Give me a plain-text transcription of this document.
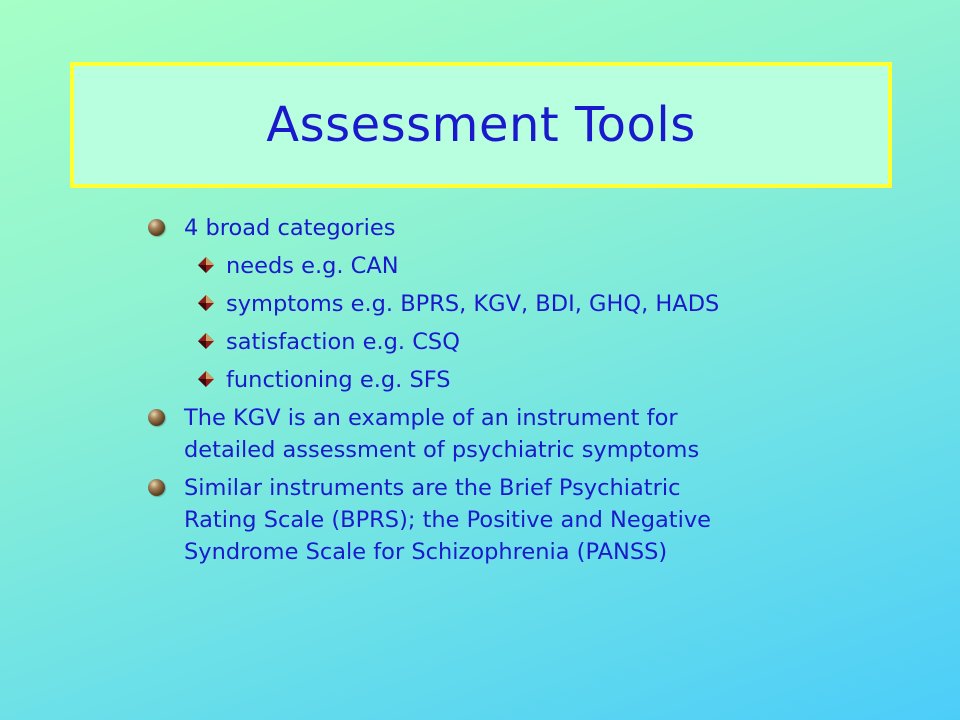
Assessment Tools
4 broad categories
needs e.g. CAN
symptoms e.g. BPRS, KGV, BDI, GHQ, HADS
satisfaction e.g. CSQ
functioning e.g. SFS
The KGV is an example of an instrument for
detailed assessment of psychiatric symptoms
Similar instruments are the Brief Psychiatric
Rating Scale (BPRS); the Positive and Negative
Syndrome Scale for Schizophrenia (PANSS)
